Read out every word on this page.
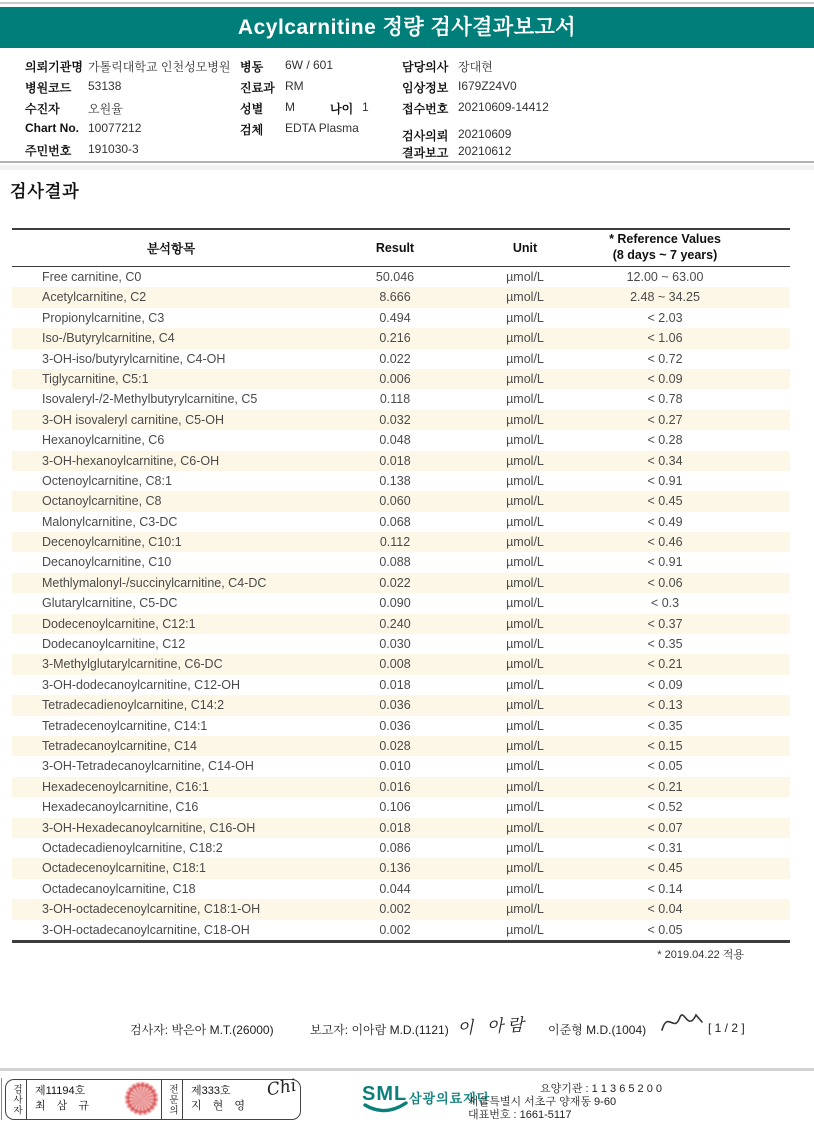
Acylcarnitine 정량 검사결과보고서
의뢰기관명 가톨릭대학교 인천성모병원
병원코드 53138
수진자 오원율
Chart No. 10077212
주민번호 191030-3
병동 6W / 601
진료과 RM
성별 M	나이 1
검체 EDTA Plasma
담당의사 장대현
임상정보 I679Z24V0
접수번호 20210609-14412
검사의뢰 20210609
결과보고 20210612
검사결과
분석항목	Result	Unit
* Reference Values
(8 days ~ 7 years)
Free carnitine, C0	50.046	µmol/L	12.00 ~ 63.00
Acetylcarnitine, C2	8.666	µmol/L	2.48 ~ 34.25
Propionylcarnitine, C3	0.494	µmol/L	< 2.03
Iso-/Butyrylcarnitine, C4	0.216	µmol/L	< 1.06
3-OH-iso/butyrylcarnitine, C4-OH	0.022	µmol/L	< 0.72
Tiglycarnitine, C5:1	0.006	µmol/L	< 0.09
Isovaleryl-/2-Methylbutyrylcarnitine, C5	0.118	µmol/L	< 0.78
3-OH isovaleryl carnitine, C5-OH	0.032	µmol/L	< 0.27
Hexanoylcarnitine, C6	0.048	µmol/L	< 0.28
3-OH-hexanoylcarnitine, C6-OH	0.018	µmol/L	< 0.34
Octenoylcarnitine, C8:1	0.138	µmol/L	< 0.91
Octanoylcarnitine, C8	0.060	µmol/L	< 0.45
Malonylcarnitine, C3-DC	0.068	µmol/L	< 0.49
Decenoylcarnitine, C10:1	0.112	µmol/L	< 0.46
Decanoylcarnitine, C10	0.088	µmol/L	< 0.91
Methlymalonyl-/succinylcarnitine, C4-DC	0.022	µmol/L	< 0.06
Glutarylcarnitine, C5-DC	0.090	µmol/L	< 0.3
Dodecenoylcarnitine, C12:1	0.240	µmol/L	< 0.37
Dodecanoylcarnitine, C12	0.030	µmol/L	< 0.35
3-Methylglutarylcarnitine, C6-DC	0.008	µmol/L	< 0.21
3-OH-dodecanoylcarnitine, C12-OH	0.018	µmol/L	< 0.09
Tetradecadienoylcarnitine, C14:2	0.036	µmol/L	< 0.13
Tetradecenoylcarnitine, C14:1	0.036	µmol/L	< 0.35
Tetradecanoylcarnitine, C14	0.028	µmol/L	< 0.15
3-OH-Tetradecanoylcarnitine, C14-OH	0.010	µmol/L	< 0.05
Hexadecenoylcarnitine, C16:1	0.016	µmol/L	< 0.21
Hexadecanoylcarnitine, C16	0.106	µmol/L	< 0.52
3-OH-Hexadecanoylcarnitine, C16-OH	0.018	µmol/L	< 0.07
Octadecadienoylcarnitine, C18:2	0.086	µmol/L	< 0.31
Octadecenoylcarnitine, C18:1	0.136	µmol/L	< 0.45
Octadecanoylcarnitine, C18	0.044	µmol/L	< 0.14
3-OH-octadecenoylcarnitine, C18:1-OH	0.002	µmol/L	< 0.04
3-OH-octadecanoylcarnitine, C18-OH	0.002	µmol/L	< 0.05
* 2019.04.22 적용
검사자: 박은아 M.T.(26000)	보고자: 이아람 M.D.(1121) 이 아람 이준형 M.D.(1004)	[ 1 / 2 ]
검사자	제11194호
최 삼 규	전문의	제333호
지 현 영
Chi	SML 삼광의료재단
요양기관 : 1 1 3 6 5 2 0 0
서울특별시 서초구 양재동 9-60
대표번호 : 1661-5117
